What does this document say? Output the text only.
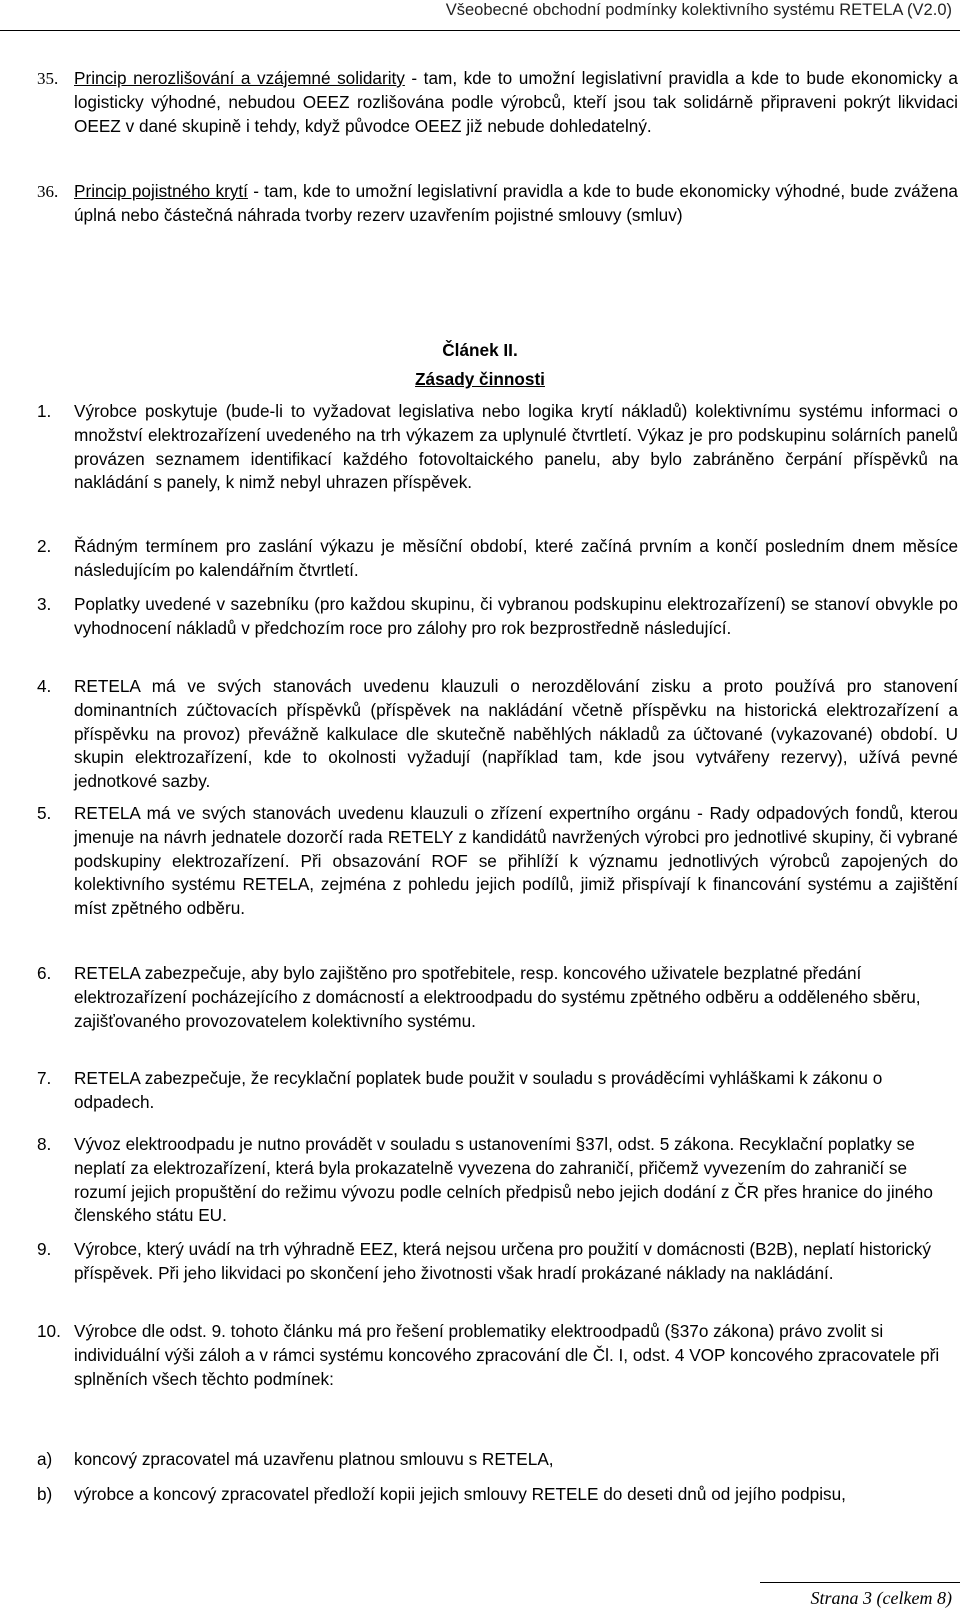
Všeobecné obchodní podmínky kolektivního systému RETELA (V2.0)
35. Princip nerozlišování a vzájemné solidarity - tam, kde to umožní legislativní pravidla a kde to bude ekonomicky a logisticky výhodné, nebudou OEEZ rozlišována podle výrobců, kteří jsou tak solidárně připraveni pokrýt likvidaci OEEZ v dané skupině i tehdy, když původce OEEZ již nebude dohledatelný.
36. Princip pojistného krytí - tam, kde to umožní legislativní pravidla a kde to bude ekonomicky výhodné, bude zvážena úplná nebo částečná náhrada tvorby rezerv uzavřením pojistné smlouvy (smluv)
Článek II.
Zásady činnosti
1. Výrobce poskytuje (bude-li to vyžadovat legislativa nebo logika krytí nákladů) kolektivnímu systému informaci o množství elektrozařízení uvedeného na trh výkazem za uplynulé čtvrtletí. Výkaz je pro podskupinu solárních panelů provázen seznamem identifikací každého fotovoltaického panelu, aby bylo zabráněno čerpání příspěvků na nakládání s panely, k nimž nebyl uhrazen příspěvek.
2. Řádným termínem pro zaslání výkazu je měsíční období, které začíná prvním a končí posledním dnem měsíce následujícím po kalendářním čtvrtletí.
3. Poplatky uvedené v sazebníku (pro každou skupinu, či vybranou podskupinu elektrozařízení) se stanoví obvykle po vyhodnocení nákladů v předchozím roce pro zálohy pro rok bezprostředně následující.
4. RETELA má ve svých stanovách uvedenu klauzuli o nerozdělování zisku a proto používá pro stanovení dominantních zúčtovacích příspěvků (příspěvek na nakládání včetně příspěvku na historická elektrozařízení a příspěvku na provoz) převážně kalkulace dle skutečně naběhlých nákladů za účtované (vykazované) období. U skupin elektrozařízení, kde to okolnosti vyžadují (například tam, kde jsou vytvářeny rezervy), užívá pevné jednotkové sazby.
5. RETELA má ve svých stanovách uvedenu klauzuli o zřízení expertního orgánu - Rady odpadových fondů, kterou jmenuje na návrh jednatele dozorčí rada RETELY z kandidátů navržených výrobci pro jednotlivé skupiny, či vybrané podskupiny elektrozařízení. Při obsazování ROF se přihlíží k významu jednotlivých výrobců zapojených do kolektivního systému RETELA, zejména z pohledu jejich podílů, jimiž přispívají k financování systému a zajištění míst zpětného odběru.
6. RETELA zabezpečuje, aby bylo zajištěno pro spotřebitele, resp. koncového uživatele bezplatné předání elektrozařízení pocházejícího z domácností a elektroodpadu do systému zpětného odběru a odděleného sběru, zajišťovaného provozovatelem kolektivního systému.
7. RETELA zabezpečuje, že recyklační poplatek bude použit v souladu s prováděcími vyhláškami k zákonu o odpadech.
8. Vývoz elektroodpadu je nutno provádět v souladu s ustanoveními §37l, odst. 5 zákona. Recyklační poplatky se neplatí za elektrozařízení, která byla prokazatelně vyvezena do zahraničí, přičemž vyvezením do zahraničí se rozumí jejich propuštění do režimu vývozu podle celních předpisů nebo jejich dodání z ČR přes hranice do jiného členského státu EU.
9. Výrobce, který uvádí na trh výhradně EEZ, která nejsou určena pro použití v domácnosti (B2B), neplatí historický příspěvek. Při jeho likvidaci po skončení jeho životnosti však hradí prokázané náklady na nakládání.
10. Výrobce dle odst. 9. tohoto článku má pro řešení problematiky elektroodpadů (§37o zákona) právo zvolit si individuální výši záloh a v rámci systému koncového zpracování dle Čl. I, odst. 4 VOP koncového zpracovatele při splněních všech těchto podmínek:
a) koncový zpracovatel má uzavřenu platnou smlouvu s RETELA,
b) výrobce a koncový zpracovatel předloží kopii jejich smlouvy RETELE do deseti dnů od jejího podpisu,
Strana 3 (celkem 8)
